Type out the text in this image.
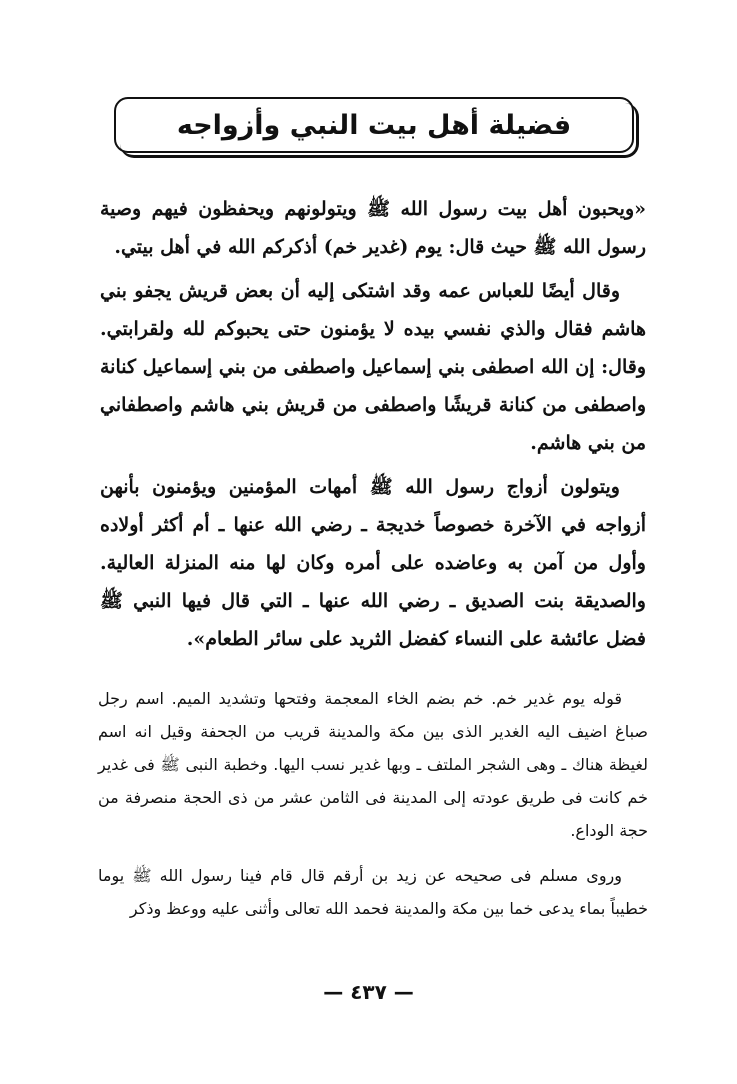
فضيلة أهل بيت النبي وأزواجه

«ويحبون أهل بيت رسول الله ﷺ ويتولونهم ويحفظون فيهم وصية رسول الله ﷺ حيث قال: يوم (غدير خم) أذكركم الله في أهل بيتي.

وقال أيضًا للعباس عمه وقد اشتكى إليه أن بعض قريش يجفو بني هاشم فقال والذي نفسي بيده لا يؤمنون حتى يحبوكم لله ولقرابتي. وقال: إن الله اصطفى بني إسماعيل واصطفى من بني إسماعيل كنانة واصطفى من كنانة قريشًا واصطفى من قريش بني هاشم واصطفاني من بني هاشم.

ويتولون أزواج رسول الله ﷺ أمهات المؤمنين ويؤمنون بأنهن أزواجه في الآخرة خصوصاً خديجة ـ رضي الله عنها ـ أم أكثر أولاده وأول من آمن به وعاضده على أمره وكان لها منه المنزلة العالية. والصديقة بنت الصديق ـ رضي الله عنها ـ التي قال فيها النبي ﷺ فضل عائشة على النساء كفضل الثريد على سائر الطعام».

قوله يوم غدير خم. خم بضم الخاء المعجمة وفتحها وتشديد الميم. اسم رجل صباغ اضيف اليه الغدير الذى بين مكة والمدينة قريب من الجحفة وقيل انه اسم لغيظة هناك ـ وهى الشجر الملتف ـ وبها غدير نسب اليها. وخطبة النبى ﷺ فى غدير خم كانت فى طريق عودته إلى المدينة فى الثامن عشر من ذى الحجة منصرفة من حجة الوداع.

وروى مسلم فى صحيحه عن زيد بن أرقم قال قام فينا رسول الله ﷺ يوما خطيباً بماء يدعى خما بين مكة والمدينة فحمد الله تعالى وأثنى عليه ووعظ وذكر

— ٤٣٧ —
